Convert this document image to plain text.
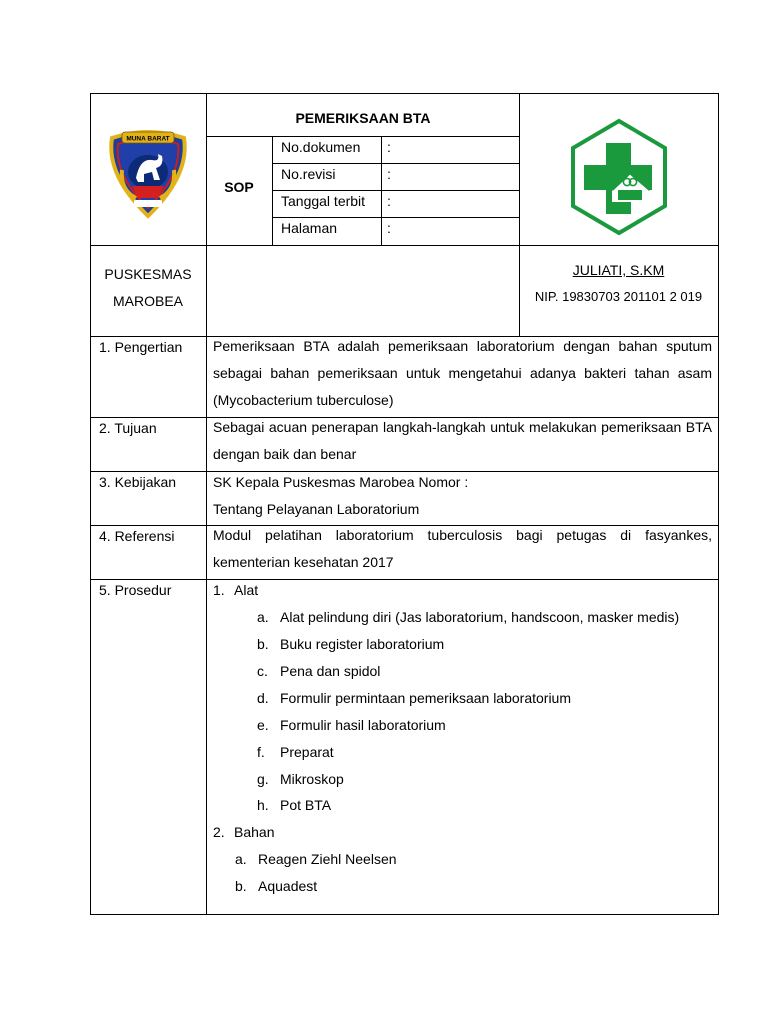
MUNA BARAT
PEMERIKSAAN BTA
SOP
No.dokumen :
No.revisi	:
Tanggal terbit :
Halaman	:
PUSKESMAS
MAROBEA
JULIATI, S.KM
NIP. 19830703 201101 2 019
1. Pengertian Pemeriksaan BTA adalah pemeriksaan laboratorium dengan bahan sputum sebagai bahan pemeriksaan untuk mengetahui adanya bakteri tahan asam (Mycobacterium tuberculose)
2. Tujuan	Sebagai acuan penerapan langkah-langkah untuk melakukan pemeriksaan BTA dengan baik dan benar
3. Kebijakan	SK Kepala Puskesmas Marobea Nomor :
Tentang Pelayanan Laboratorium
4. Referensi	Modul pelatihan laboratorium tuberculosis bagi petugas di fasyankes, kementerian kesehatan 2017
5. Prosedur	1. Alat
a. Alat pelindung diri (Jas laboratorium, handscoon, masker medis)
b. Buku register laboratorium
c. Pena dan spidol
d. Formulir permintaan pemeriksaan laboratorium
e. Formulir hasil laboratorium
f. Preparat
g. Mikroskop
h. Pot BTA
2. Bahan
a. Reagen Ziehl Neelsen
b. Aquadest
